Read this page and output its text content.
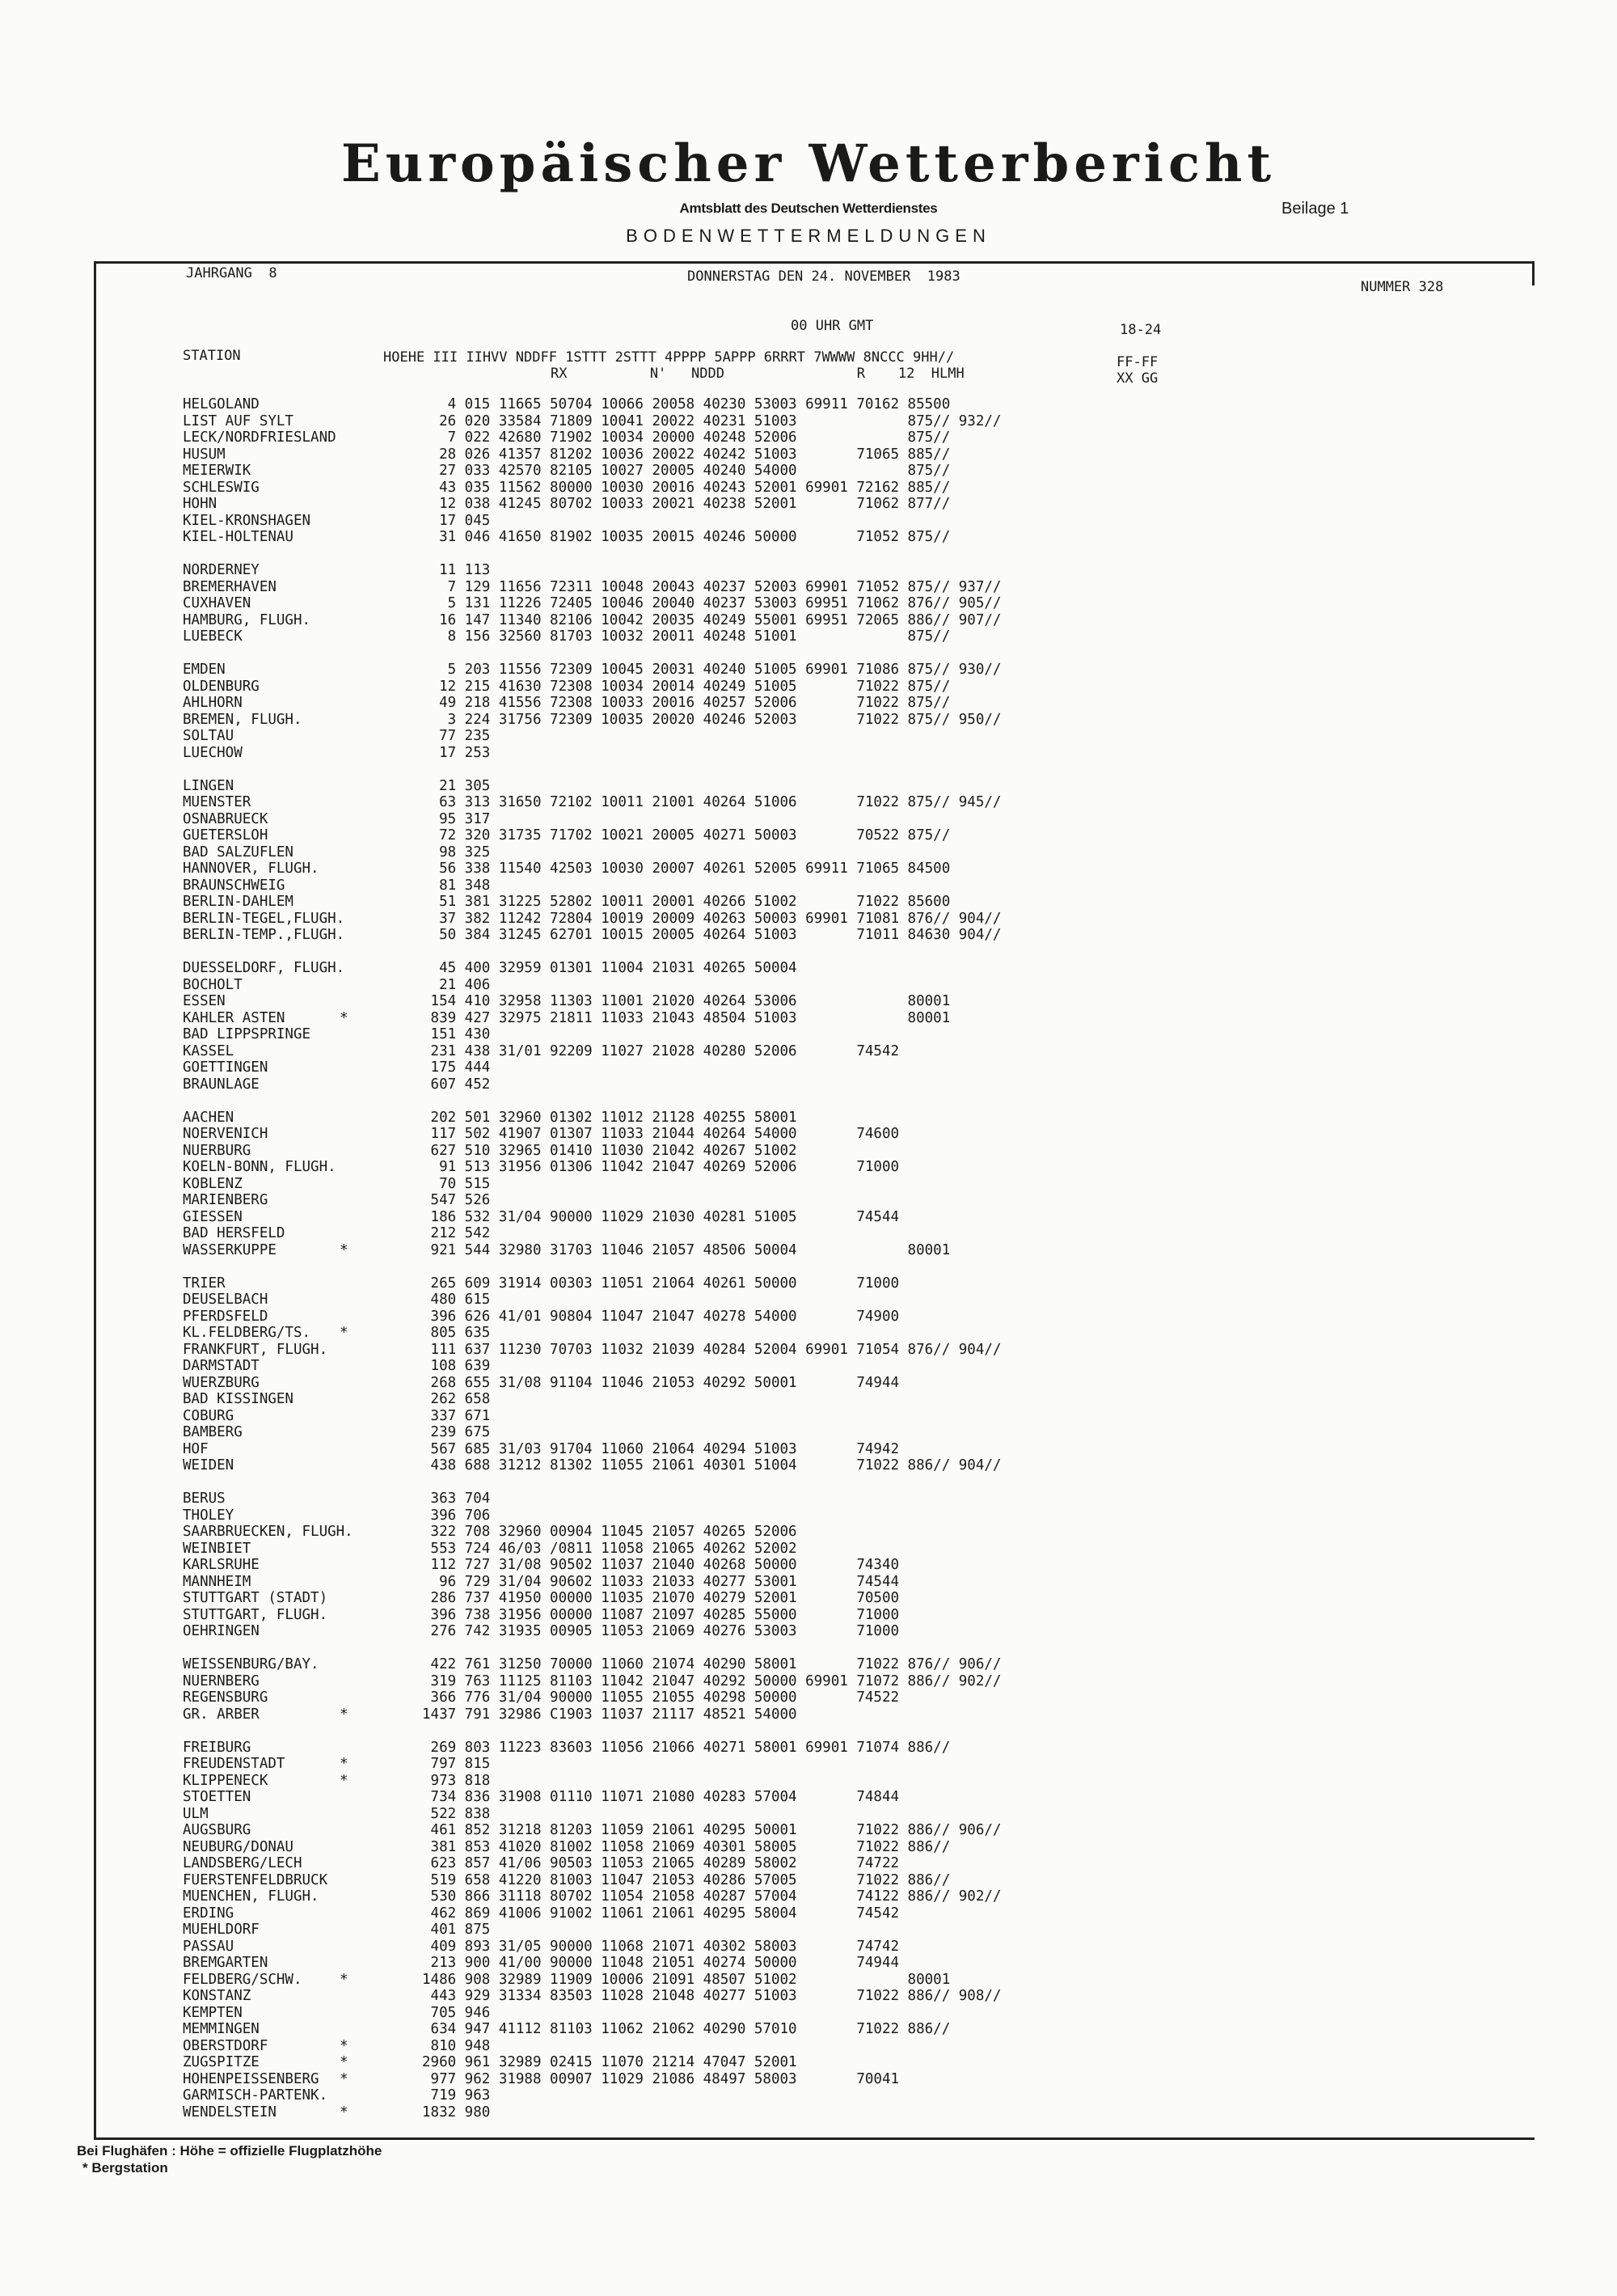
Europäischer Wetterbericht
Amtsblatt des Deutschen Wetterdienstes	Beilage 1
BODENWETTERMELDUNGEN
JAHRGANG  8	DONNERSTAG DEN 24. NOVEMBER  1983
NUMMER 328
00 UHR GMT	18-24
STATION	HOEHE III IIHVV NDDFF 1STTT 2STTT 4PPPP 5APPP 6RRRT 7WWWW 8NCCC 9HH//
RX          N'   NDDD                R    12  HLMH
FF-FF
XX GG
HELGOLAND	4 015 11665 50704 10066 20058 40230 53003 69911 70162 85500
LIST AUF SYLT	26 020 33584 71809 10041 20022 40231 51003             875// 932//
LECK/NORDFRIESLAND	7 022 42680 71902 10034 20000 40248 52006             875//
HUSUM	28 026 41357 81202 10036 20022 40242 51003       71065 885//
MEIERWIK	27 033 42570 82105 10027 20005 40240 54000             875//
SCHLESWIG	43 035 11562 80000 10030 20016 40243 52001 69901 72162 885//
HOHN	12 038 41245 80702 10033 20021 40238 52001       71062 877//
KIEL-KRONSHAGEN	17 045
KIEL-HOLTENAU	31 046 41650 81902 10035 20015 40246 50000       71052 875//
NORDERNEY	11 113
BREMERHAVEN	7 129 11656 72311 10048 20043 40237 52003 69901 71052 875// 937//
CUXHAVEN	5 131 11226 72405 10046 20040 40237 53003 69951 71062 876// 905//
HAMBURG, FLUGH.	16 147 11340 82106 10042 20035 40249 55001 69951 72065 886// 907//
LUEBECK	8 156 32560 81703 10032 20011 40248 51001             875//
EMDEN	5 203 11556 72309 10045 20031 40240 51005 69901 71086 875// 930//
OLDENBURG	12 215 41630 72308 10034 20014 40249 51005       71022 875//
AHLHORN	49 218 41556 72308 10033 20016 40257 52006       71022 875//
BREMEN, FLUGH.	3 224 31756 72309 10035 20020 40246 52003       71022 875// 950//
SOLTAU	77 235
LUECHOW	17 253
LINGEN	21 305
MUENSTER	63 313 31650 72102 10011 21001 40264 51006       71022 875// 945//
OSNABRUECK	95 317
GUETERSLOH	72 320 31735 71702 10021 20005 40271 50003       70522 875//
BAD SALZUFLEN	98 325
HANNOVER, FLUGH.	56 338 11540 42503 10030 20007 40261 52005 69911 71065 84500
BRAUNSCHWEIG	81 348
BERLIN-DAHLEM	51 381 31225 52802 10011 20001 40266 51002       71022 85600
BERLIN-TEGEL,FLUGH.	37 382 11242 72804 10019 20009 40263 50003 69901 71081 876// 904//
BERLIN-TEMP.,FLUGH.	50 384 31245 62701 10015 20005 40264 51003       71011 84630 904//
DUESSELDORF, FLUGH.	45 400 32959 01301 11004 21031 40265 50004
BOCHOLT	21 406
ESSEN	154 410 32958 11303 11001 21020 40264 53006             80001
KAHLER ASTEN	*	839 427 32975 21811 11033 21043 48504 51003             80001
BAD LIPPSPRINGE	151 430
KASSEL	231 438 31/01 92209 11027 21028 40280 52006       74542
GOETTINGEN	175 444
BRAUNLAGE	607 452
AACHEN	202 501 32960 01302 11012 21128 40255 58001
NOERVENICH	117 502 41907 01307 11033 21044 40264 54000       74600
NUERBURG	627 510 32965 01410 11030 21042 40267 51002
KOELN-BONN, FLUGH.	91 513 31956 01306 11042 21047 40269 52006       71000
KOBLENZ	70 515
MARIENBERG	547 526
GIESSEN	186 532 31/04 90000 11029 21030 40281 51005       74544
BAD HERSFELD	212 542
WASSERKUPPE	*	921 544 32980 31703 11046 21057 48506 50004             80001
TRIER	265 609 31914 00303 11051 21064 40261 50000       71000
DEUSELBACH	480 615
PFERDSFELD	396 626 41/01 90804 11047 21047 40278 54000       74900
KL.FELDBERG/TS. *	805 635
FRANKFURT, FLUGH.	111 637 11230 70703 11032 21039 40284 52004 69901 71054 876// 904//
DARMSTADT	108 639
WUERZBURG	268 655 31/08 91104 11046 21053 40292 50001       74944
BAD KISSINGEN	262 658
COBURG	337 671
BAMBERG	239 675
HOF	567 685 31/03 91704 11060 21064 40294 51003       74942
WEIDEN	438 688 31212 81302 11055 21061 40301 51004       71022 886// 904//
BERUS	363 704
THOLEY	396 706
SAARBRUECKEN, FLUGH.	322 708 32960 00904 11045 21057 40265 52006
WEINBIET	553 724 46/03 /0811 11058 21065 40262 52002
KARLSRUHE	112 727 31/08 90502 11037 21040 40268 50000       74340
MANNHEIM	96 729 31/04 90602 11033 21033 40277 53001       74544
STUTTGART (STADT)	286 737 41950 00000 11035 21070 40279 52001       70500
STUTTGART, FLUGH.	396 738 31956 00000 11087 21097 40285 55000       71000
OEHRINGEN	276 742 31935 00905 11053 21069 40276 53003       71000
WEISSENBURG/BAY.	422 761 31250 70000 11060 21074 40290 58001       71022 876// 906//
NUERNBERG	319 763 11125 81103 11042 21047 40292 50000 69901 71072 886// 902//
REGENSBURG	366 776 31/04 90000 11055 21055 40298 50000       74522
GR. ARBER	*	1437 791 32986 C1903 11037 21117 48521 54000
FREIBURG	269 803 11223 83603 11056 21066 40271 58001 69901 71074 886//
FREUDENSTADT	*	797 815
KLIPPENECK	*	973 818
STOETTEN	734 836 31908 01110 11071 21080 40283 57004       74844
ULM	522 838
AUGSBURG	461 852 31218 81203 11059 21061 40295 50001       71022 886// 906//
NEUBURG/DONAU	381 853 41020 81002 11058 21069 40301 58005       71022 886//
LANDSBERG/LECH	623 857 41/06 90503 11053 21065 40289 58002       74722
FUERSTENFELDBRUCK	519 658 41220 81003 11047 21053 40286 57005       71022 886//
MUENCHEN, FLUGH.	530 866 31118 80702 11054 21058 40287 57004       74122 886// 902//
ERDING	462 869 41006 91002 11061 21061 40295 58004       74542
MUEHLDORF	401 875
PASSAU	409 893 31/05 90000 11068 21071 40302 58003       74742
BREMGARTEN	213 900 41/00 90000 11048 21051 40274 50000       74944
FELDBERG/SCHW.	*	1486 908 32989 11909 10006 21091 48507 51002             80001
KONSTANZ	443 929 31334 83503 11028 21048 40277 51003       71022 886// 908//
KEMPTEN	705 946
MEMMINGEN	634 947 41112 81103 11062 21062 40290 57010       71022 886//
OBERSTDORF	*	810 948
ZUGSPITZE	*	2960 961 32989 02415 11070 21214 47047 52001
HOHENPEISSENBERG *	977 962 31988 00907 11029 21086 48497 58003       70041
GARMISCH-PARTENK.	719 963
WENDELSTEIN	*	1832 980
Bei Flughäfen : Höhe = offizielle Flugplatzhöhe
* Bergstation
